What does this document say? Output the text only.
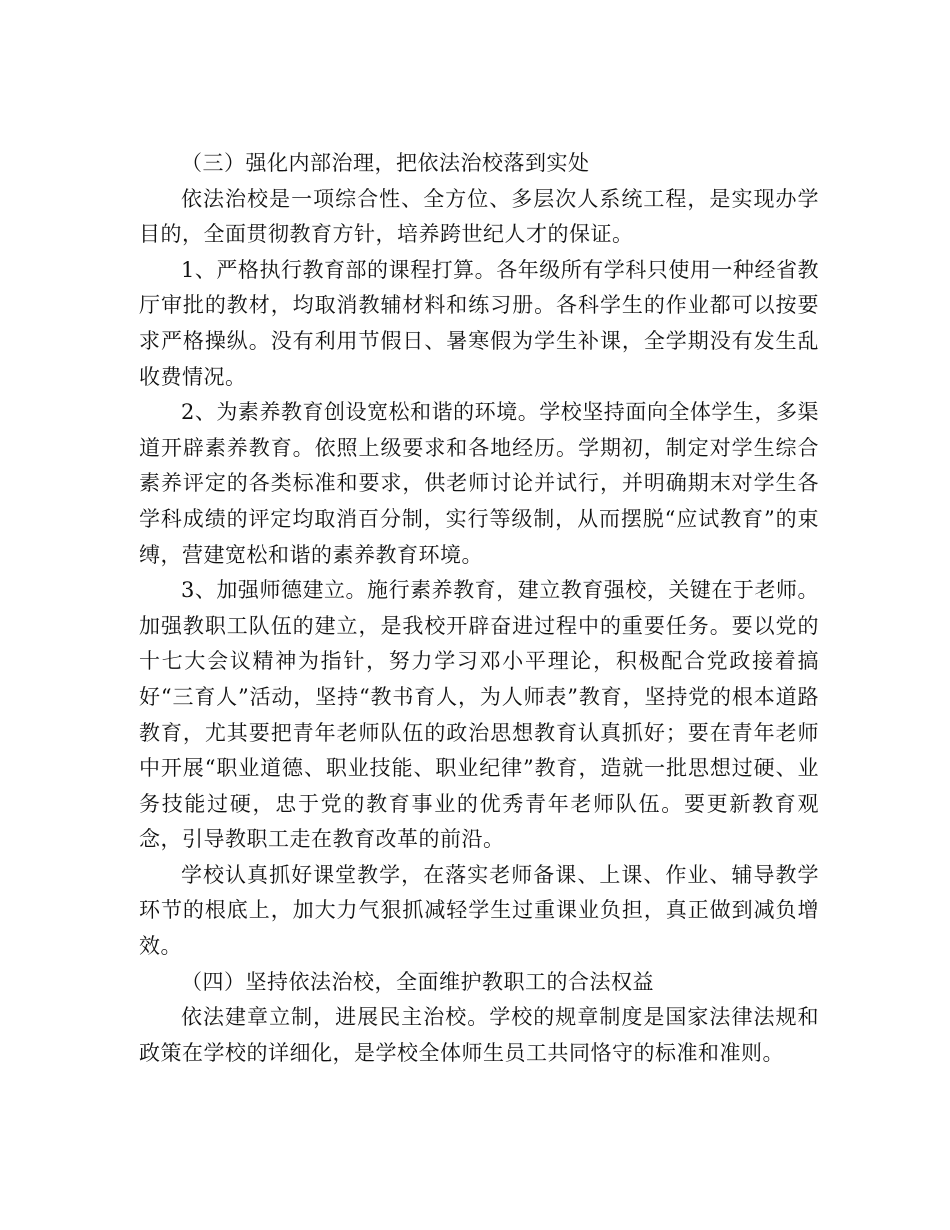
（三）强化内部治理，把依法治校落到实处

依法治校是一项综合性、全方位、多层次人系统工程，是实现办学目的，全面贯彻教育方针，培养跨世纪人才的保证。

1、严格执行教育部的课程打算。各年级所有学科只使用一种经省教厅审批的教材，均取消教辅材料和练习册。各科学生的作业都可以按要求严格操纵。没有利用节假日、暑寒假为学生补课，全学期没有发生乱收费情况。

2、为素养教育创设宽松和谐的环境。学校坚持面向全体学生，多渠道开辟素养教育。依照上级要求和各地经历。学期初，制定对学生综合素养评定的各类标准和要求，供老师讨论并试行，并明确期末对学生各学科成绩的评定均取消百分制，实行等级制，从而摆脱“应试教育”的束缚，营建宽松和谐的素养教育环境。

3、加强师德建立。施行素养教育，建立教育强校，关键在于老师。加强教职工队伍的建立，是我校开辟奋进过程中的重要任务。要以党的十七大会议精神为指针，努力学习邓小平理论，积极配合党政接着搞好“三育人”活动，坚持“教书育人，为人师表”教育，坚持党的根本道路教育，尤其要把青年老师队伍的政治思想教育认真抓好；要在青年老师中开展“职业道德、职业技能、职业纪律”教育，造就一批思想过硬、业务技能过硬，忠于党的教育事业的优秀青年老师队伍。要更新教育观念，引导教职工走在教育改革的前沿。

学校认真抓好课堂教学，在落实老师备课、上课、作业、辅导教学环节的根底上，加大力气狠抓减轻学生过重课业负担，真正做到减负增效。

（四）坚持依法治校，全面维护教职工的合法权益

依法建章立制，进展民主治校。学校的规章制度是国家法律法规和政策在学校的详细化，是学校全体师生员工共同恪守的标准和准则。
